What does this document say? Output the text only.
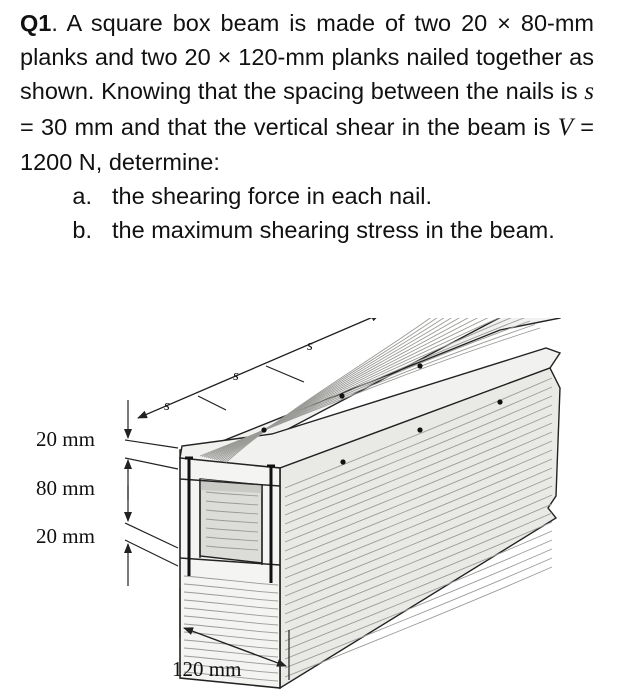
Q1. A square box beam is made of two 20 × 80-mm planks and two 20 × 120-mm planks nailed together as shown. Knowing that the spacing between the nails is s = 30 mm and that the vertical shear in the beam is V = 1200 N, determine:

a. the shearing force in each nail.
b. the maximum shearing stress in the beam.
20 mm
80 mm
20 mm
120 mm
s
s
s
